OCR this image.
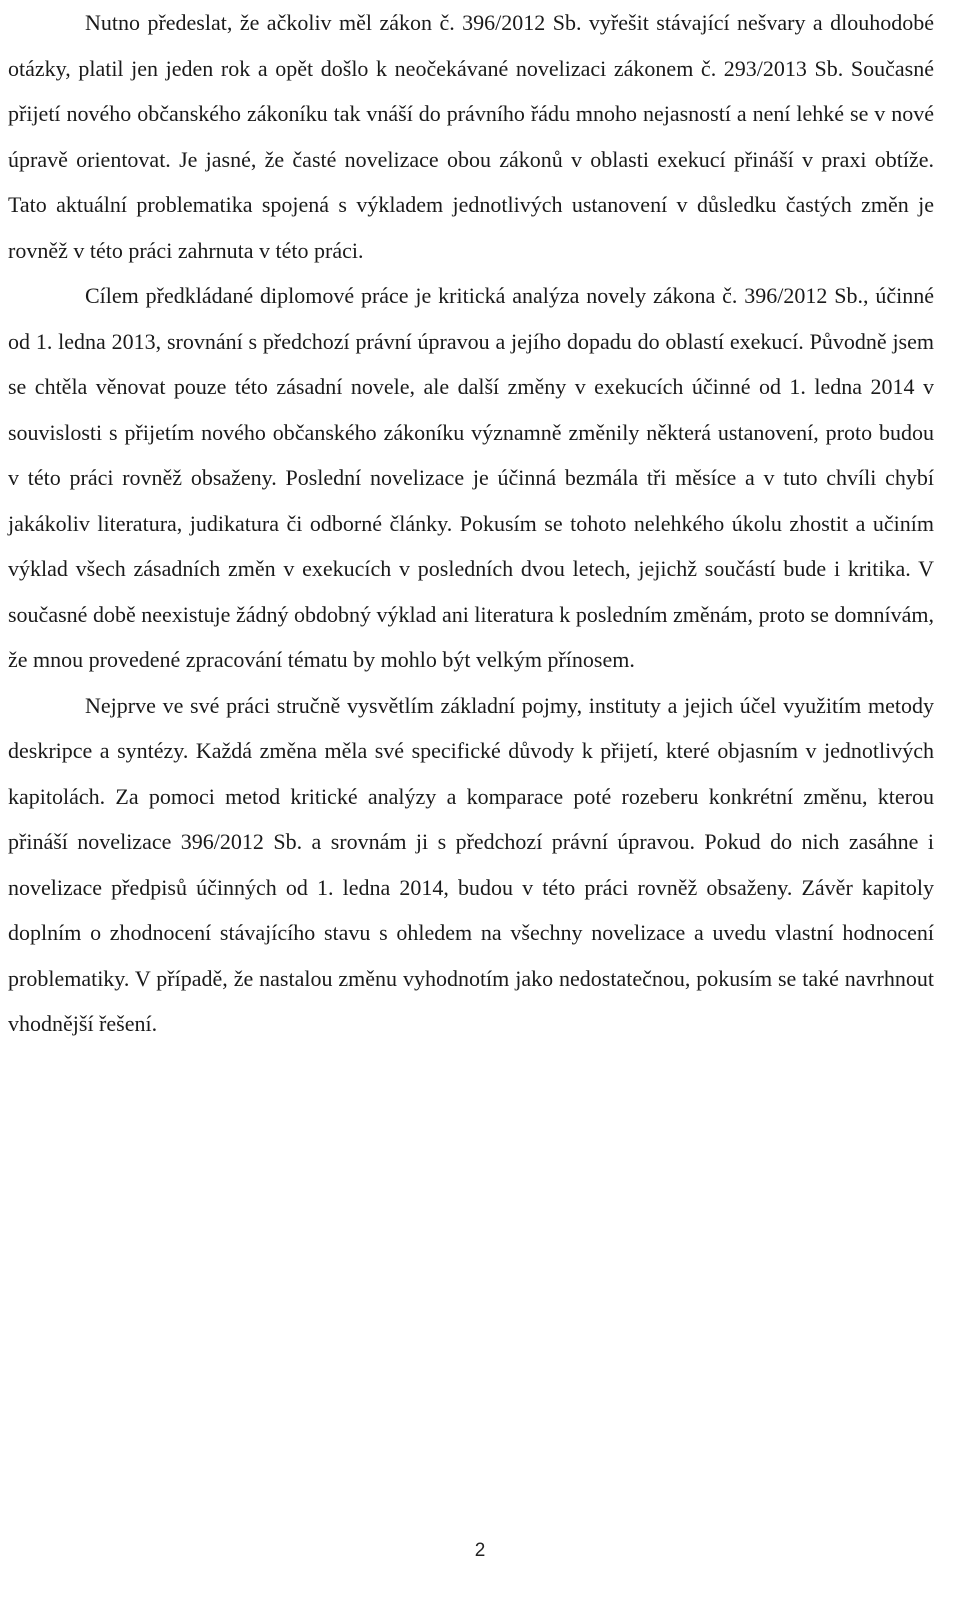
Nutno předeslat, že ačkoliv měl zákon č. 396/2012 Sb. vyřešit stávající nešvary a dlouhodobé otázky, platil jen jeden rok a opět došlo k neočekávané novelizaci zákonem č. 293/2013 Sb. Současné přijetí nového občanského zákoníku tak vnáší do právního řádu mnoho nejasností a není lehké se v nové úpravě orientovat. Je jasné, že časté novelizace obou zákonů v oblasti exekucí přináší v praxi obtíže. Tato aktuální problematika spojená s výkladem jednotlivých ustanovení v důsledku častých změn je rovněž v této práci zahrnuta v této práci.

Cílem předkládané diplomové práce je kritická analýza novely zákona č. 396/2012 Sb., účinné od 1. ledna 2013, srovnání s předchozí právní úpravou a jejího dopadu do oblastí exekucí. Původně jsem se chtěla věnovat pouze této zásadní novele, ale další změny v exekucích účinné od 1. ledna 2014 v souvislosti s přijetím nového občanského zákoníku významně změnily některá ustanovení, proto budou v této práci rovněž obsaženy. Poslední novelizace je účinná bezmála tři měsíce a v tuto chvíli chybí jakákoliv literatura, judikatura či odborné články. Pokusím se tohoto nelehkého úkolu zhostit a učiním výklad všech zásadních změn v exekucích v posledních dvou letech, jejichž součástí bude i kritika. V současné době neexistuje žádný obdobný výklad ani literatura k posledním změnám, proto se domnívám, že mnou provedené zpracování tématu by mohlo být velkým přínosem.

Nejprve ve své práci stručně vysvětlím základní pojmy, instituty a jejich účel využitím metody deskripce a syntézy. Každá změna měla své specifické důvody k přijetí, které objasním v jednotlivých kapitolách. Za pomoci metod kritické analýzy a komparace poté rozeberu konkrétní změnu, kterou přináší novelizace 396/2012 Sb. a srovnám ji s předchozí právní úpravou. Pokud do nich zasáhne i novelizace předpisů účinných od 1. ledna 2014, budou v této práci rovněž obsaženy. Závěr kapitoly doplním o zhodnocení stávajícího stavu s ohledem na všechny novelizace a uvedu vlastní hodnocení problematiky. V případě, že nastalou změnu vyhodnotím jako nedostatečnou, pokusím se také navrhnout vhodnější řešení.

2
